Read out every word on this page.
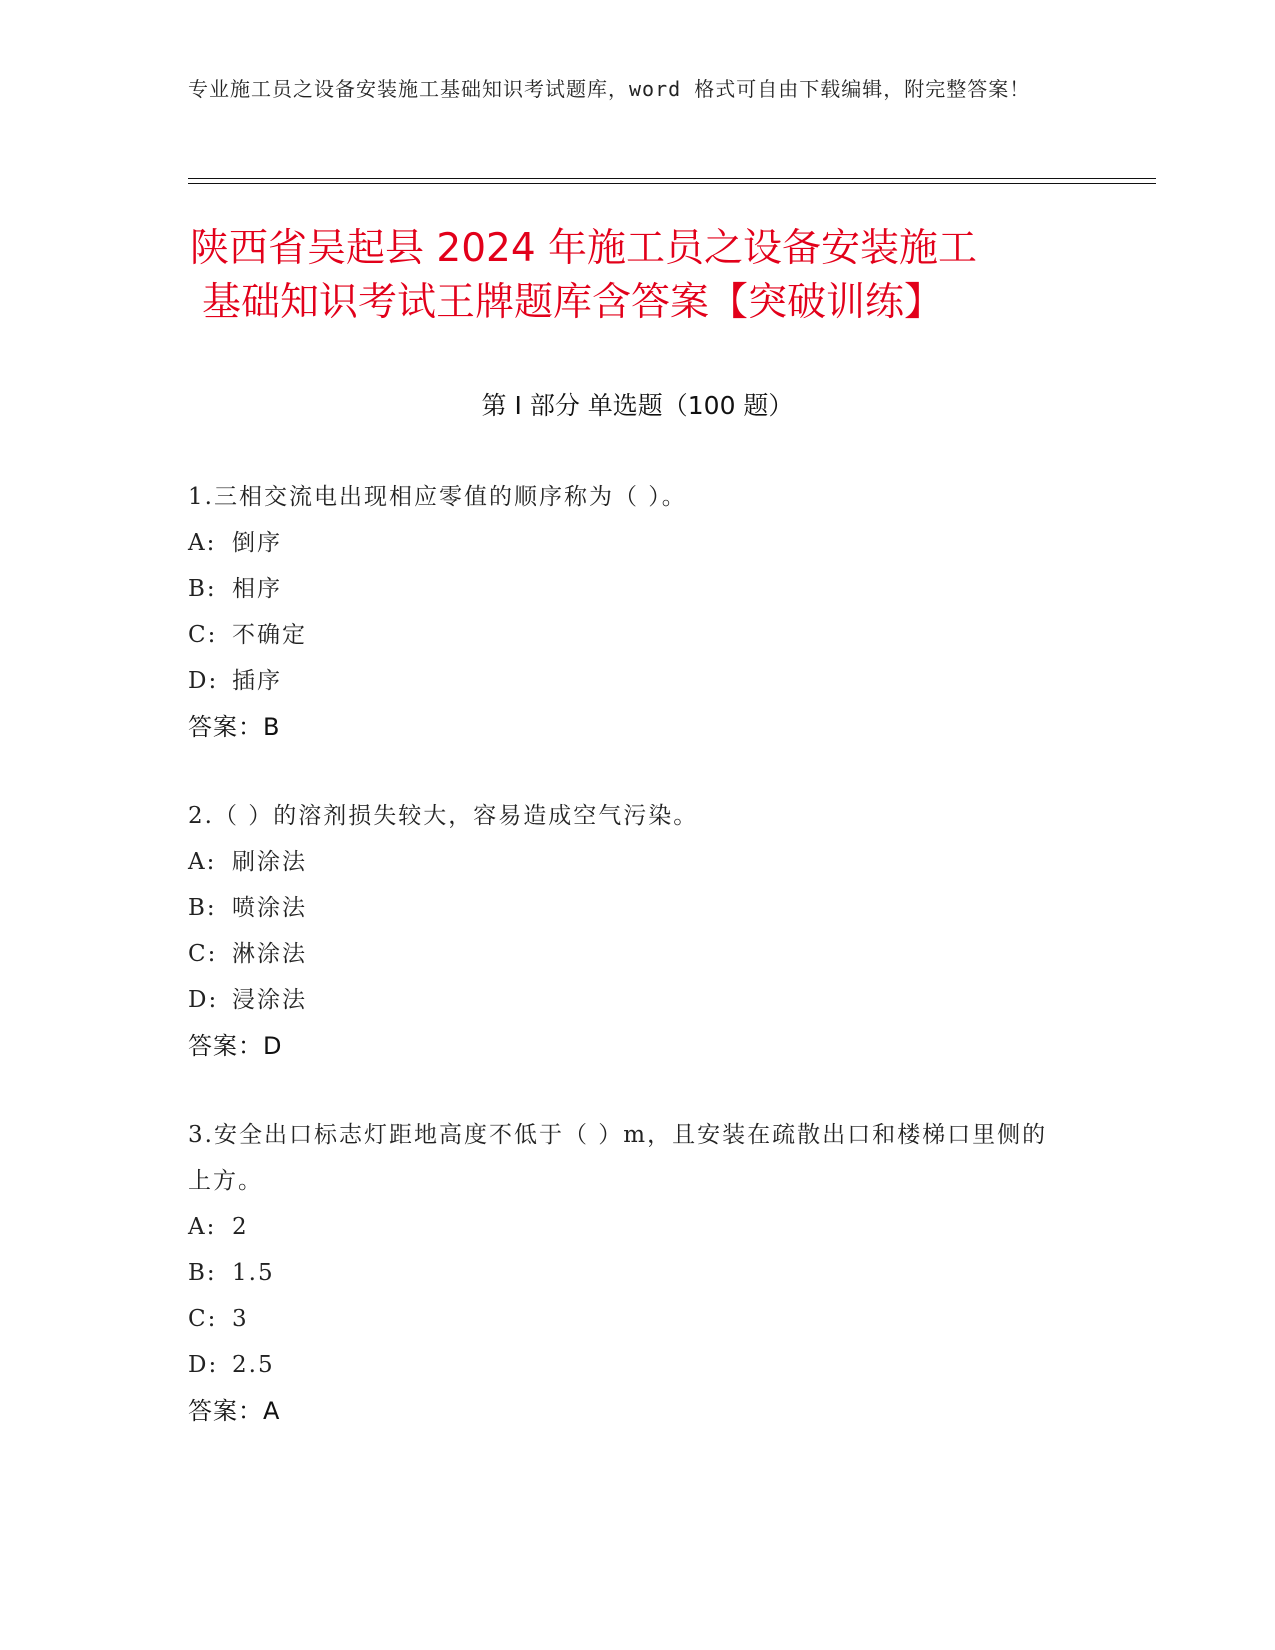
专业施工员之设备安装施工基础知识考试题库，word 格式可自由下载编辑，附完整答案！
陕西省吴起县 2024 年施工员之设备安装施工
基础知识考试王牌题库含答案【突破训练】
第 I 部分 单选题（100 题）

1.三相交流电出现相应零值的顺序称为（ ）。

A: 倒序
B: 相序
C: 不确定
D: 插序
答案：B

2.（ ）的溶剂损失较大，容易造成空气污染。

A: 刷涂法
B: 喷涂法
C: 淋涂法
D: 浸涂法
答案：D

3.安全出口标志灯距地高度不低于（ ）m，且安装在疏散出口和楼梯口里侧的上方。

A: 2
B: 1.5
C: 3
D: 2.5
答案：A
